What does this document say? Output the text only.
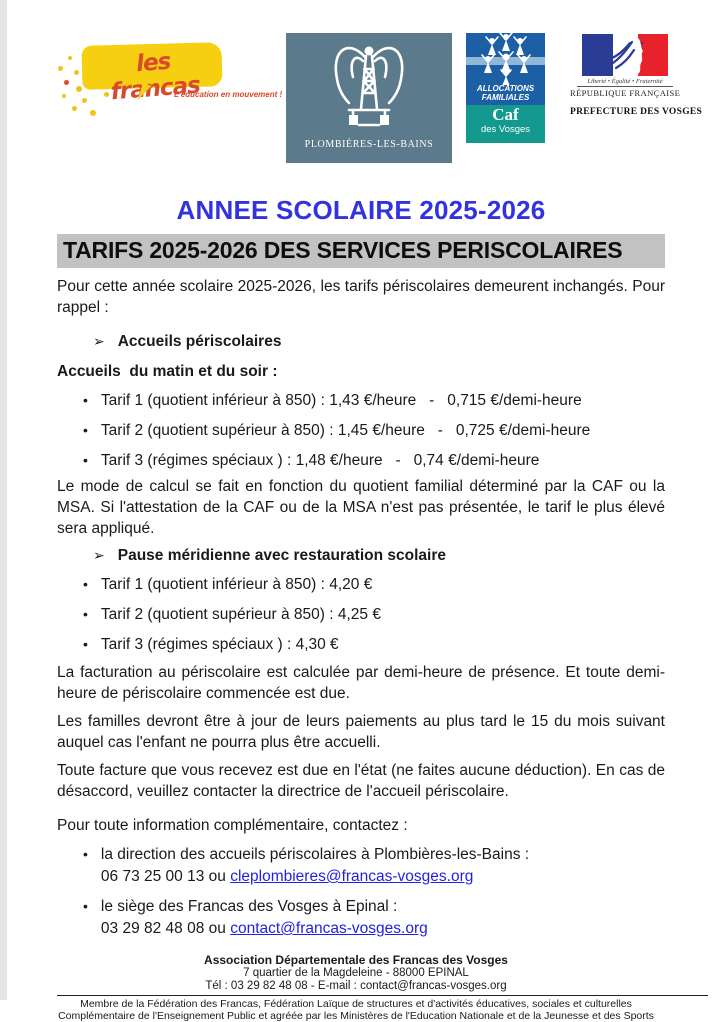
les francas
L'éducation en mouvement !
PLOMBIÈRES-LES-BAINS
ALLOCATIONS
FAMILIALES
Caf
des Vosges
Liberté • Égalité • Fraternité
RÉPUBLIQUE FRANÇAISE
PREFECTURE DES VOSGES
ANNEE SCOLAIRE 2025-2026
TARIFS 2025-2026 DES SERVICES PERISCOLAIRES

Pour cette année scolaire 2025-2026, les tarifs périscolaires demeurent inchangés. Pour rappel :

➢ Accueils périscolaires
Accueils  du matin et du soir :
• Tarif 1 (quotient inférieur à 850) : 1,43 €/heure   -   0,715 €/demi-heure
• Tarif 2 (quotient supérieur à 850) : 1,45 €/heure   -   0,725 €/demi-heure
• Tarif 3 (régimes spéciaux ) : 1,48 €/heure   -   0,74 €/demi-heure

Le mode de calcul se fait en fonction du quotient familial déterminé par la CAF ou la MSA. Si l'attestation de la CAF ou de la MSA n'est pas présentée, le tarif le plus élevé sera appliqué.

➢ Pause méridienne avec restauration scolaire
• Tarif 1 (quotient inférieur à 850) : 4,20 €
• Tarif 2 (quotient supérieur à 850) : 4,25 €
• Tarif 3 (régimes spéciaux ) : 4,30 €

La facturation au périscolaire est calculée par demi-heure de présence. Et toute demi-heure de périscolaire commencée est due.

Les familles devront être à jour de leurs paiements au plus tard le 15 du mois suivant auquel cas l'enfant ne pourra plus être accuelli.

Toute facture que vous recevez est due en l'état (ne faites aucune déduction). En cas de désaccord, veuillez contacter la directrice de l'accueil périscolaire.

Pour toute information complémentaire, contactez :

• la direction des accueils périscolaires à Plombières-les-Bains :
06 73 25 00 13 ou cleplombieres@francas-vosges.org
• le siège des Francas des Vosges à Epinal :
03 29 82 48 08 ou contact@francas-vosges.org
Association Départementale des Francas des Vosges
7 quartier de la Magdeleine - 88000 EPINAL
Tél : 03 29 82 48 08 - E-mail : contact@francas-vosges.org
Membre de la Fédération des Francas, Fédération Laïque de structures et d'activités éducatives, sociales et culturelles
Complémentaire de l'Enseignement Public et agréée par les Ministères de l'Education Nationale et de la Jeunesse et des Sports
